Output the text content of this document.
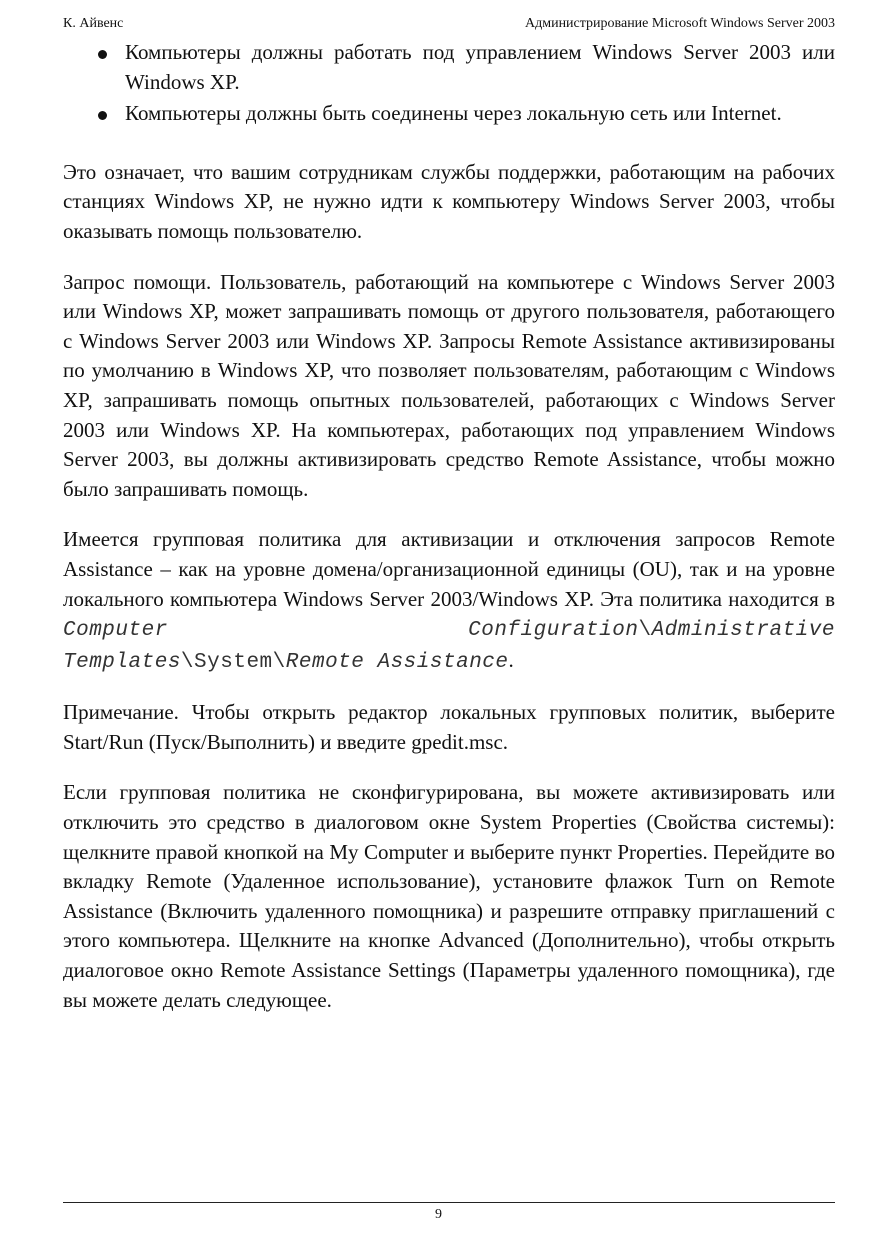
К. Айвенс	Администрирование Microsoft Windows Server 2003
Компьютеры должны работать под управлением Windows Server 2003 или Windows XP.
Компьютеры должны быть соединены через локальную сеть или Internet.

Это означает, что вашим сотрудникам службы поддержки, работающим на рабочих станциях Windows XP, не нужно идти к компьютеру Windows Server 2003, чтобы оказывать помощь пользователю.

Запрос помощи. Пользователь, работающий на компьютере с Windows Server 2003 или Windows XP, может запрашивать помощь от другого пользователя, работающего с Windows Server 2003 или Windows XP. Запросы Remote Assistance активизированы по умолчанию в Windows XP, что позволяет пользователям, работающим с Windows XP, запрашивать помощь опытных пользователей, работающих с Windows Server 2003 или Windows XP. На компьютерах, работающих под управлением Windows Server 2003, вы должны активизировать средство Remote Assistance, чтобы можно было запрашивать помощь.

Имеется групповая политика для активизации и отключения запросов Remote Assistance – как на уровне домена/организационной единицы (OU), так и на уровне локального компьютера Windows Server 2003/Windows XP. Эта политика находится в Computer Configuration\Administrative Templates\System\Remote Assistance.

Примечание. Чтобы открыть редактор локальных групповых политик, выберите Start/Run (Пуск/Выполнить) и введите gpedit.msc.

Если групповая политика не сконфигурирована, вы можете активизировать или отключить это средство в диалоговом окне System Properties (Свойства системы): щелкните правой кнопкой на My Computer и выберите пункт Properties. Перейдите во вкладку Remote (Удаленное использование), установите флажок Turn on Remote Assistance (Включить удаленного помощника) и разрешите отправку приглашений с этого компьютера. Щелкните на кнопке Advanced (Дополнительно), чтобы открыть диалоговое окно Remote Assistance Settings (Параметры удаленного помощника), где вы можете делать следующее.

9
